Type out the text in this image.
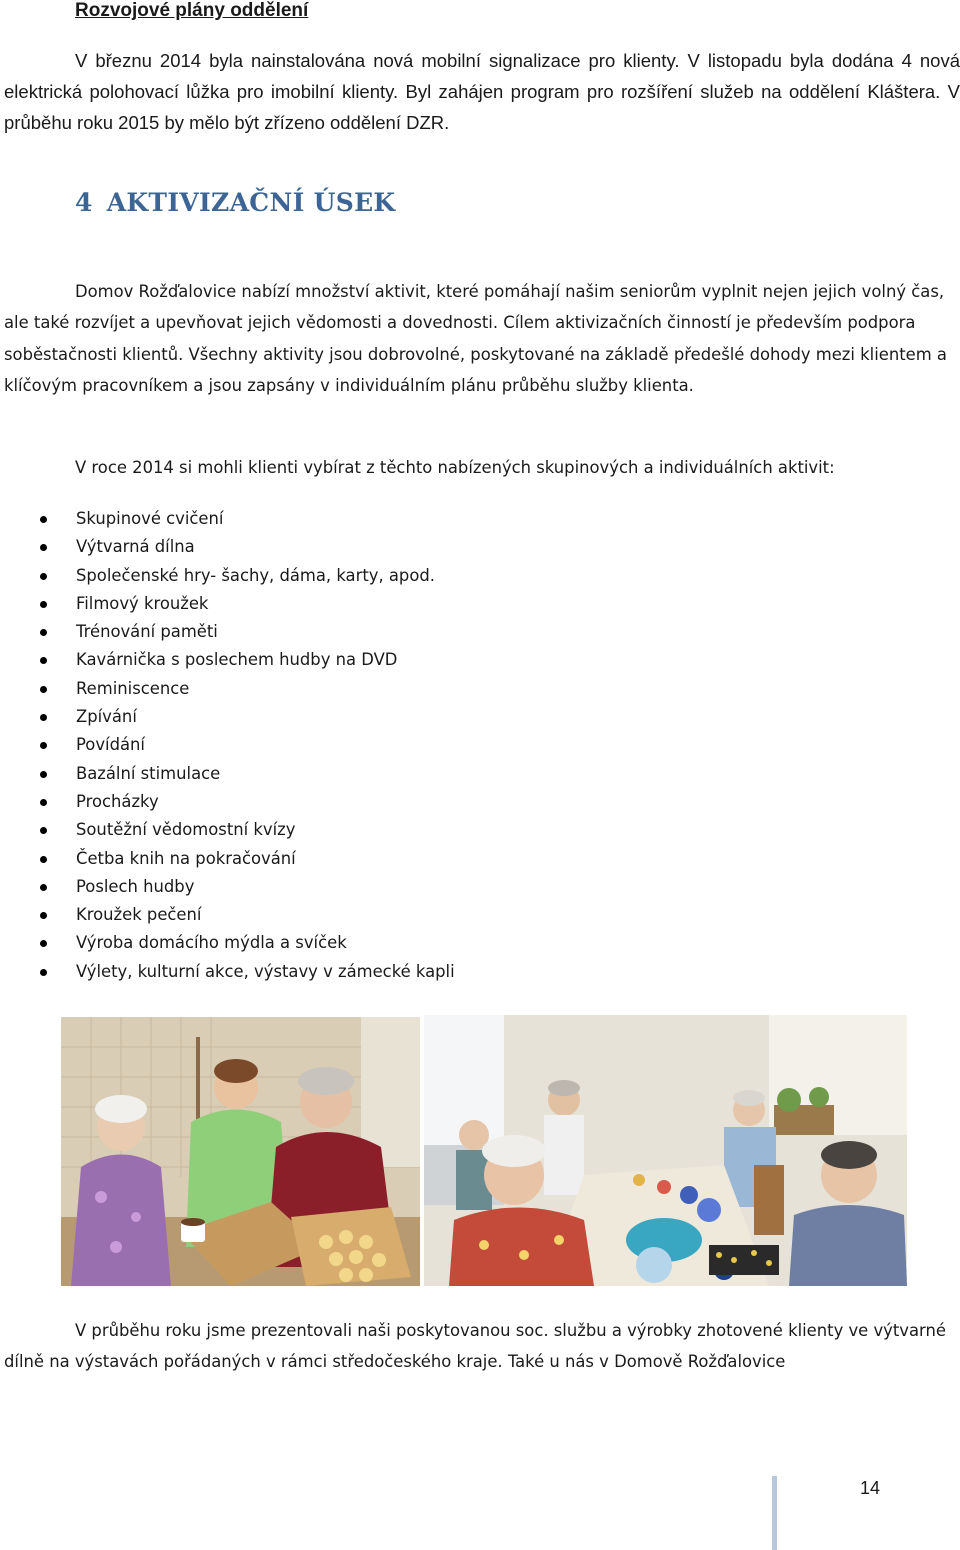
Rozvojové plány oddělení

V březnu 2014 byla nainstalována nová mobilní signalizace pro klienty. V listopadu byla dodána 4 nová elektrická polohovací lůžka pro imobilní klienty. Byl zahájen program pro rozšíření služeb na oddělení Kláštera. V průběhu roku 2015 by mělo být zřízeno oddělení DZR.

4 AKTIVIZAČNÍ ÚSEK

Domov Rožďalovice nabízí množství aktivit, které pomáhají našim seniorům vyplnit nejen jejich volný čas, ale také rozvíjet a upevňovat jejich vědomosti a dovednosti. Cílem aktivizačních činností je především podpora soběstačnosti klientů. Všechny aktivity jsou dobrovolné, poskytované na základě předešlé dohody mezi klientem a klíčovým pracovníkem a jsou zapsány v individuálním plánu průběhu služby klienta.

V roce 2014 si mohli klienti vybírat z těchto nabízených skupinových a individuálních aktivit:

Skupinové cvičení
Výtvarná dílna
Společenské hry- šachy, dáma, karty, apod.
Filmový kroužek
Trénování paměti
Kavárnička s poslechem hudby na DVD
Reminiscence
Zpívání
Povídání
Bazální stimulace
Procházky
Soutěžní vědomostní kvízy
Četba knih na pokračování
Poslech hudby
Kroužek pečení
Výroba domácího mýdla a svíček
Výlety, kulturní akce, výstavy v zámecké kapli

V průběhu roku jsme prezentovali naši poskytovanou soc. službu a výrobky zhotovené klienty ve výtvarné dílně na výstavách pořádaných v rámci středočeského kraje. Také u nás v Domově Rožďalovice

14
